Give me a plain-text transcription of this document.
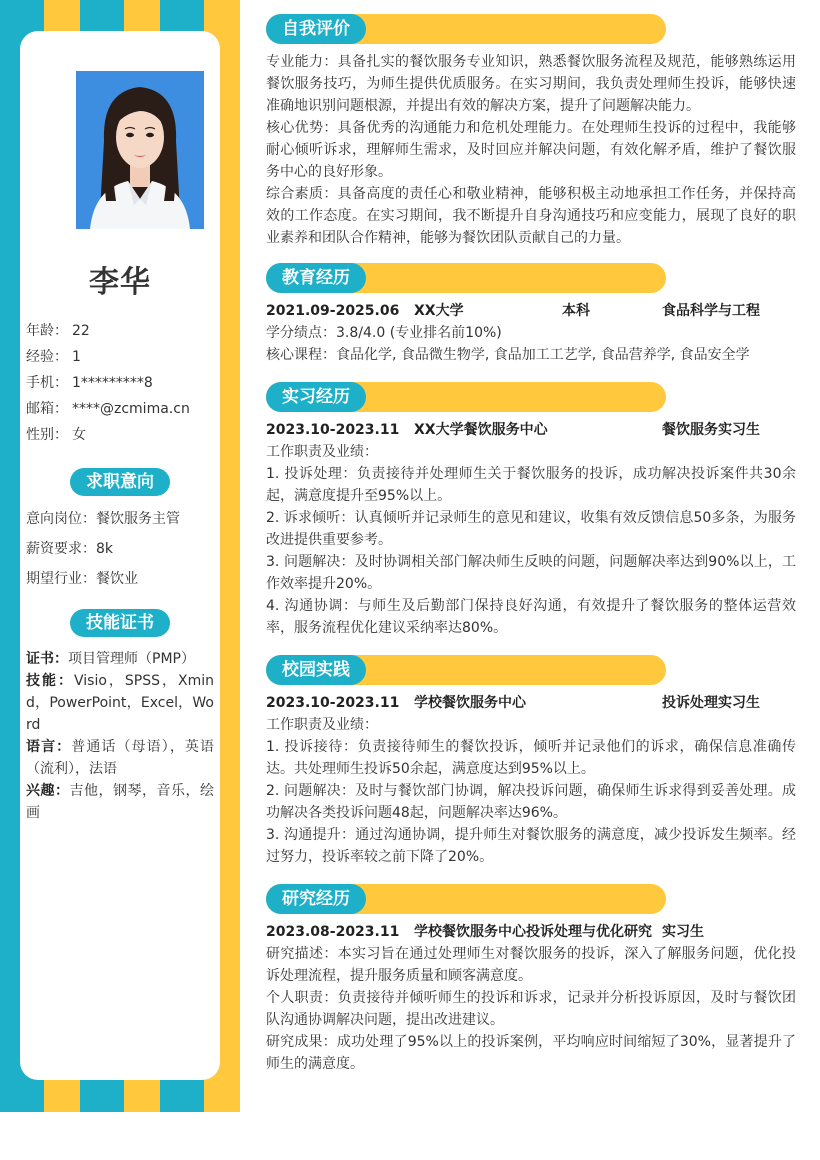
李华
年龄： 22
经验： 1
手机： 1*********8
邮箱： ****@zcmima.cn
性别： 女
求职意向
意向岗位：餐饮服务主管
薪资要求：8k
期望行业：餐饮业
技能证书

证书：项目管理师（PMP）

技能：Visio，SPSS，Xmind，PowerPoint，Excel，Word

语言：普通话（母语），英语（流利），法语

兴趣：吉他，钢琴，音乐，绘画

自我评价

专业能力：具备扎实的餐饮服务专业知识，熟悉餐饮服务流程及规范，能够熟练运用餐饮服务技巧，为师生提供优质服务。在实习期间，我负责处理师生投诉，能够快速准确地识别问题根源，并提出有效的解决方案，提升了问题解决能力。

核心优势：具备优秀的沟通能力和危机处理能力。在处理师生投诉的过程中，我能够耐心倾听诉求，理解师生需求，及时回应并解决问题，有效化解矛盾，维护了餐饮服务中心的良好形象。

综合素质：具备高度的责任心和敬业精神，能够积极主动地承担工作任务，并保持高效的工作态度。在实习期间，我不断提升自身沟通技巧和应变能力，展现了良好的职业素养和团队合作精神，能够为餐饮团队贡献自己的力量。

教育经历
2021.09-2025.06 XX大学	本科	食品科学与工程

学分绩点：3.8/4.0 (专业排名前10%)

核心课程：食品化学, 食品微生物学, 食品加工工艺学, 食品营养学, 食品安全学

实习经历
2023.10-2023.11 XX大学餐饮服务中心	餐饮服务实习生

工作职责及业绩：

1. 投诉处理：负责接待并处理师生关于餐饮服务的投诉，成功解决投诉案件共30余起，满意度提升至95%以上。

2. 诉求倾听：认真倾听并记录师生的意见和建议，收集有效反馈信息50多条，为服务改进提供重要参考。

3. 问题解决：及时协调相关部门解决师生反映的问题，问题解决率达到90%以上，工作效率提升20%。

4. 沟通协调：与师生及后勤部门保持良好沟通，有效提升了餐饮服务的整体运营效率，服务流程优化建议采纳率达80%。

校园实践
2023.10-2023.11 学校餐饮服务中心	投诉处理实习生

工作职责及业绩：

1. 投诉接待：负责接待师生的餐饮投诉，倾听并记录他们的诉求，确保信息准确传达。共处理师生投诉50余起，满意度达到95%以上。

2. 问题解决：及时与餐饮部门协调，解决投诉问题，确保师生诉求得到妥善处理。成功解决各类投诉问题48起，问题解决率达96%。

3. 沟通提升：通过沟通协调，提升师生对餐饮服务的满意度，减少投诉发生频率。经过努力，投诉率较之前下降了20%。

研究经历
2023.08-2023.11 学校餐饮服务中心投诉处理与优化研究 实习生

研究描述：本实习旨在通过处理师生对餐饮服务的投诉，深入了解服务问题，优化投诉处理流程，提升服务质量和顾客满意度。

个人职责：负责接待并倾听师生的投诉和诉求，记录并分析投诉原因，及时与餐饮团队沟通协调解决问题，提出改进建议。

研究成果：成功处理了95%以上的投诉案例，平均响应时间缩短了30%，显著提升了师生的满意度。
